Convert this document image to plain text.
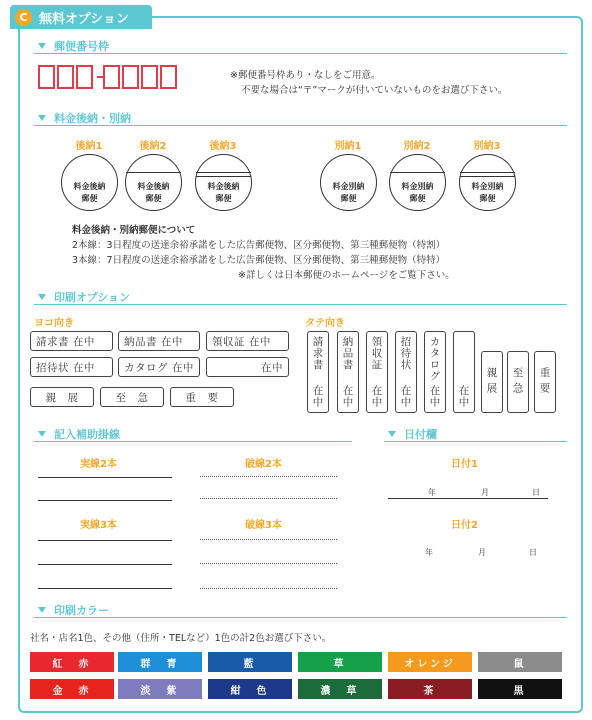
C 無料オプション
郵便番号枠
※郵便番号枠あり・なしをご用意。
不要な場合は“〒”マークが付いていないものをお選び下さい。
料金後納・別納
後納1
料金後納
郵便
後納2
料金後納
郵便
後納3
料金後納
郵便
別納1
料金別納
郵便
別納2
料金別納
郵便
別納3
料金別納
郵便
料金後納・別納郵便について
2本線：3日程度の送達余裕承諾をした広告郵便物、区分郵便物、第三種郵便物（特割）
3本線：7日程度の送達余裕承諾をした広告郵便物、区分郵便物、第三種郵便物（特特）
※詳しくは日本郵便のホームページをご覧下さい。
印刷オプション
ヨコ向き	タテ向き
請求書 在中	納品書 在中	領収証 在中
招待状 在中	カタログ 在中	在中
親　展	至　急	重　要
請求書
在中
納品書
在中
領収証
在中
招待状
在中
カタログ
在中 在中 親展 至急 重要
記入補助掛線	日付欄
実線2本	破線2本
実線3本	破線3本
日付1
年	月	日
日付2
年	月	日
印刷カラー
社名・店名1色、その他（住所・TELなど）1色の計2色お選び下さい。
紅　赤	群　青	藍	草	オレンジ	鼠
金　赤	淡　紫	紺　色	濃　草	茶	黒
